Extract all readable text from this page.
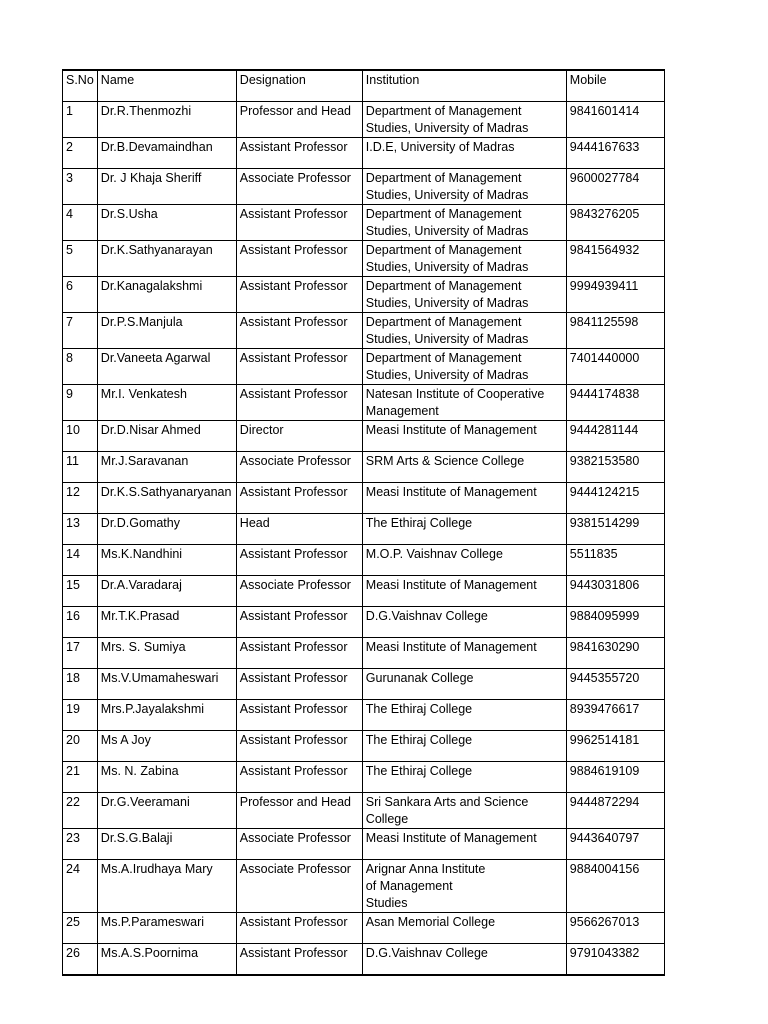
S.No	Name	Designation	Institution	Mobile
1	Dr.R.Thenmozhi	Professor and Head	Department of Management
Studies, University of Madras	9841601414
2	Dr.B.Devamaindhan	Assistant Professor	I.D.E, University of Madras	9444167633
3	Dr. J Khaja Sheriff	Associate Professor	Department of Management
Studies, University of Madras	9600027784
4	Dr.S.Usha	Assistant Professor	Department of Management
Studies, University of Madras	9843276205
5	Dr.K.Sathyanarayan	Assistant Professor	Department of Management
Studies, University of Madras	9841564932
6	Dr.Kanagalakshmi	Assistant Professor	Department of Management
Studies, University of Madras	9994939411
7	Dr.P.S.Manjula	Assistant Professor	Department of Management
Studies, University of Madras	9841125598
8	Dr.Vaneeta Agarwal	Assistant Professor	Department of Management
Studies, University of Madras	7401440000
9	Mr.I. Venkatesh	Assistant Professor	Natesan Institute of Cooperative
Management	9444174838
10	Dr.D.Nisar Ahmed	Director	Measi Institute of Management	9444281144
11	Mr.J.Saravanan	Associate Professor	SRM Arts & Science College	9382153580
12	Dr.K.S.Sathyanaryanan	Assistant Professor	Measi Institute of Management	9444124215
13	Dr.D.Gomathy	Head	The Ethiraj College	9381514299
14	Ms.K.Nandhini	Assistant Professor	M.O.P. Vaishnav College	5511835
15	Dr.A.Varadaraj	Associate Professor	Measi Institute of Management	9443031806
16	Mr.T.K.Prasad	Assistant Professor	D.G.Vaishnav College	9884095999
17	Mrs. S. Sumiya	Assistant Professor	Measi Institute of Management	9841630290
18	Ms.V.Umamaheswari	Assistant Professor	Gurunanak College	9445355720
19	Mrs.P.Jayalakshmi	Assistant Professor	The Ethiraj College	8939476617
20	Ms A Joy	Assistant Professor	The Ethiraj College	9962514181
21	Ms. N. Zabina	Assistant Professor	The Ethiraj College	9884619109
22	Dr.G.Veeramani	Professor and Head	Sri Sankara Arts and Science
College	9444872294
23	Dr.S.G.Balaji	Associate Professor	Measi Institute of Management	9443640797
24	Ms.A.Irudhaya Mary	Associate Professor	Arignar Anna Institute
of Management
Studies	9884004156
25	Ms.P.Parameswari	Assistant Professor	Asan Memorial College	9566267013
26	Ms.A.S.Poornima	Assistant Professor	D.G.Vaishnav College	9791043382
